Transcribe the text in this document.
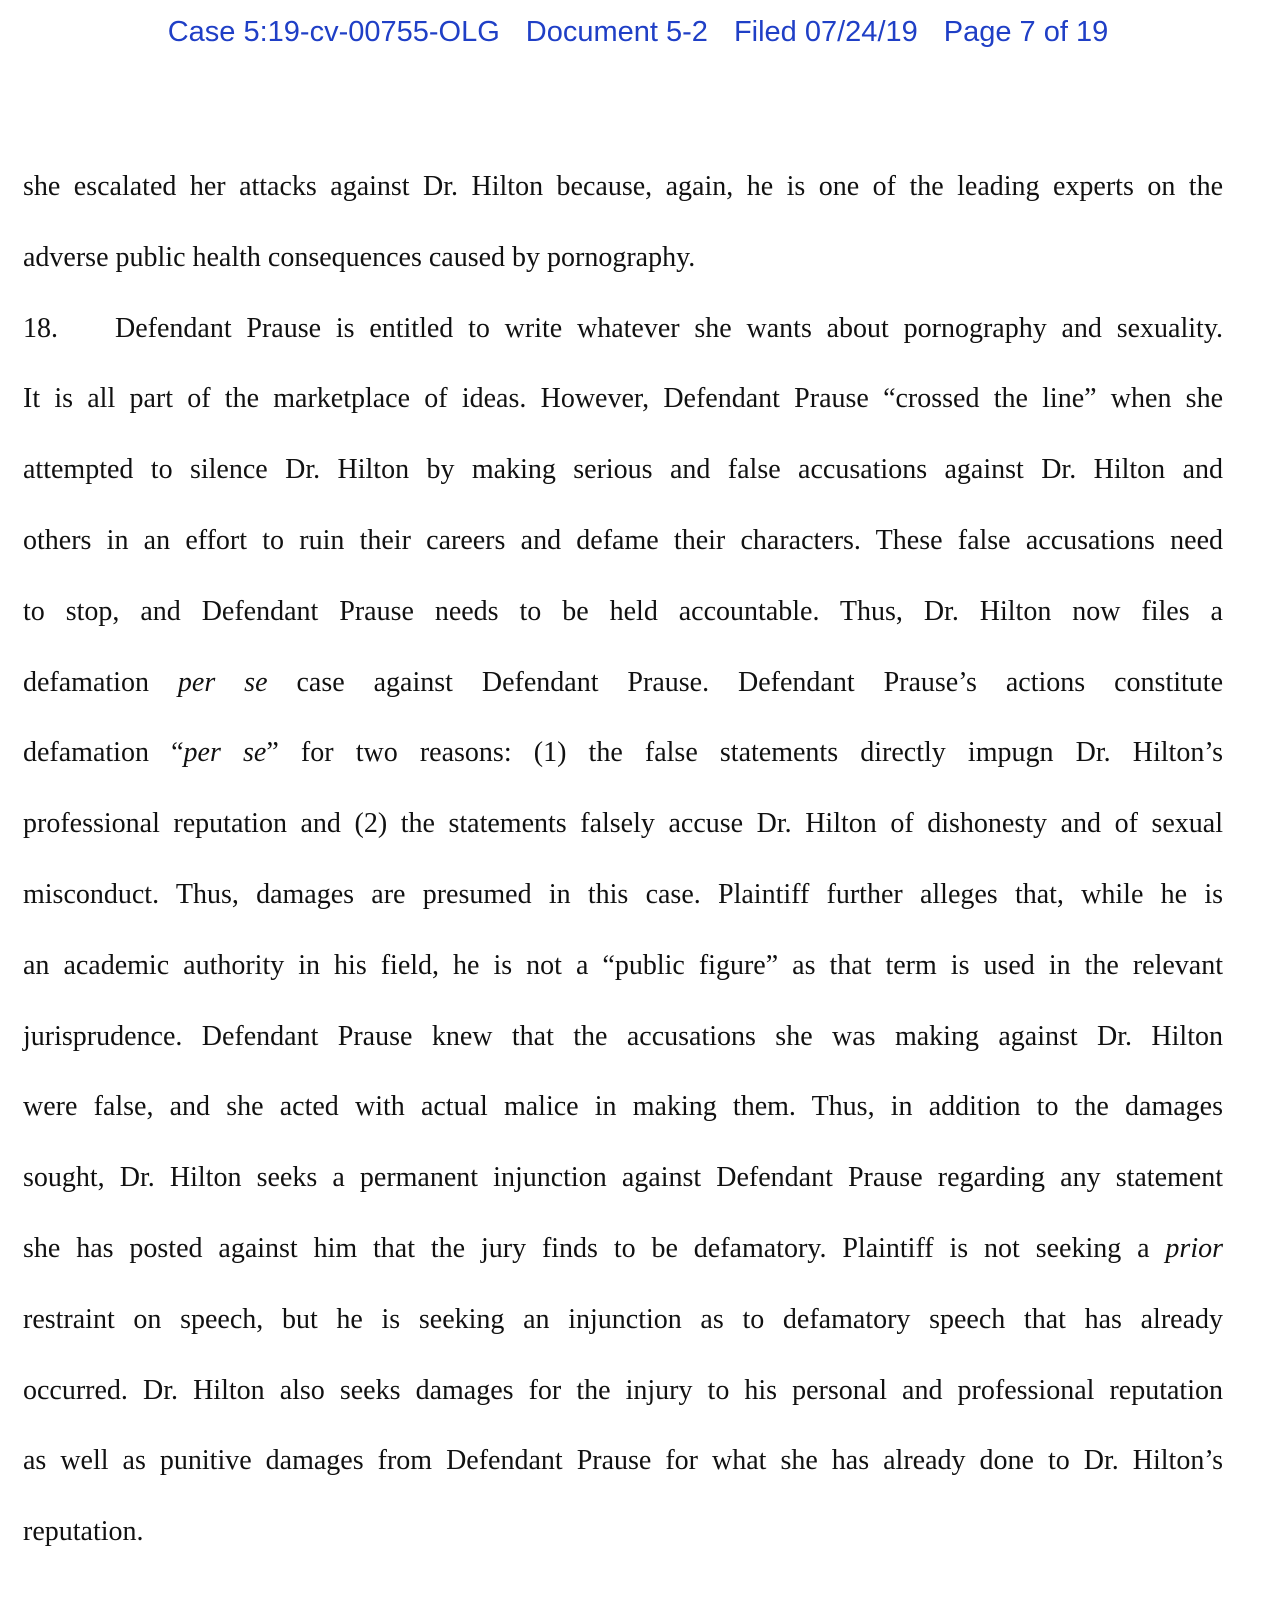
Case 5:19-cv-00755-OLG Document 5-2 Filed 07/24/19 Page 7 of 19
she escalated her attacks against Dr. Hilton because, again, he is one of the leading experts on the
adverse public health consequences caused by pornography.
18. Defendant Prause is entitled to write whatever she wants about pornography and sexuality.
It is all part of the marketplace of ideas. However, Defendant Prause “crossed the line” when she
attempted to silence Dr. Hilton by making serious and false accusations against Dr. Hilton and
others in an effort to ruin their careers and defame their characters. These false accusations need
to stop, and Defendant Prause needs to be held accountable. Thus, Dr. Hilton now files a
defamation per se case against Defendant Prause. Defendant Prause’s actions constitute
defamation “per se” for two reasons: (1) the false statements directly impugn Dr. Hilton’s
professional reputation and (2) the statements falsely accuse Dr. Hilton of dishonesty and of sexual
misconduct. Thus, damages are presumed in this case. Plaintiff further alleges that, while he is
an academic authority in his field, he is not a “public figure” as that term is used in the relevant
jurisprudence. Defendant Prause knew that the accusations she was making against Dr. Hilton
were false, and she acted with actual malice in making them. Thus, in addition to the damages
sought, Dr. Hilton seeks a permanent injunction against Defendant Prause regarding any statement
she has posted against him that the jury finds to be defamatory. Plaintiff is not seeking a prior
restraint on speech, but he is seeking an injunction as to defamatory speech that has already
occurred. Dr. Hilton also seeks damages for the injury to his personal and professional reputation
as well as punitive damages from Defendant Prause for what she has already done to Dr. Hilton’s
reputation.
